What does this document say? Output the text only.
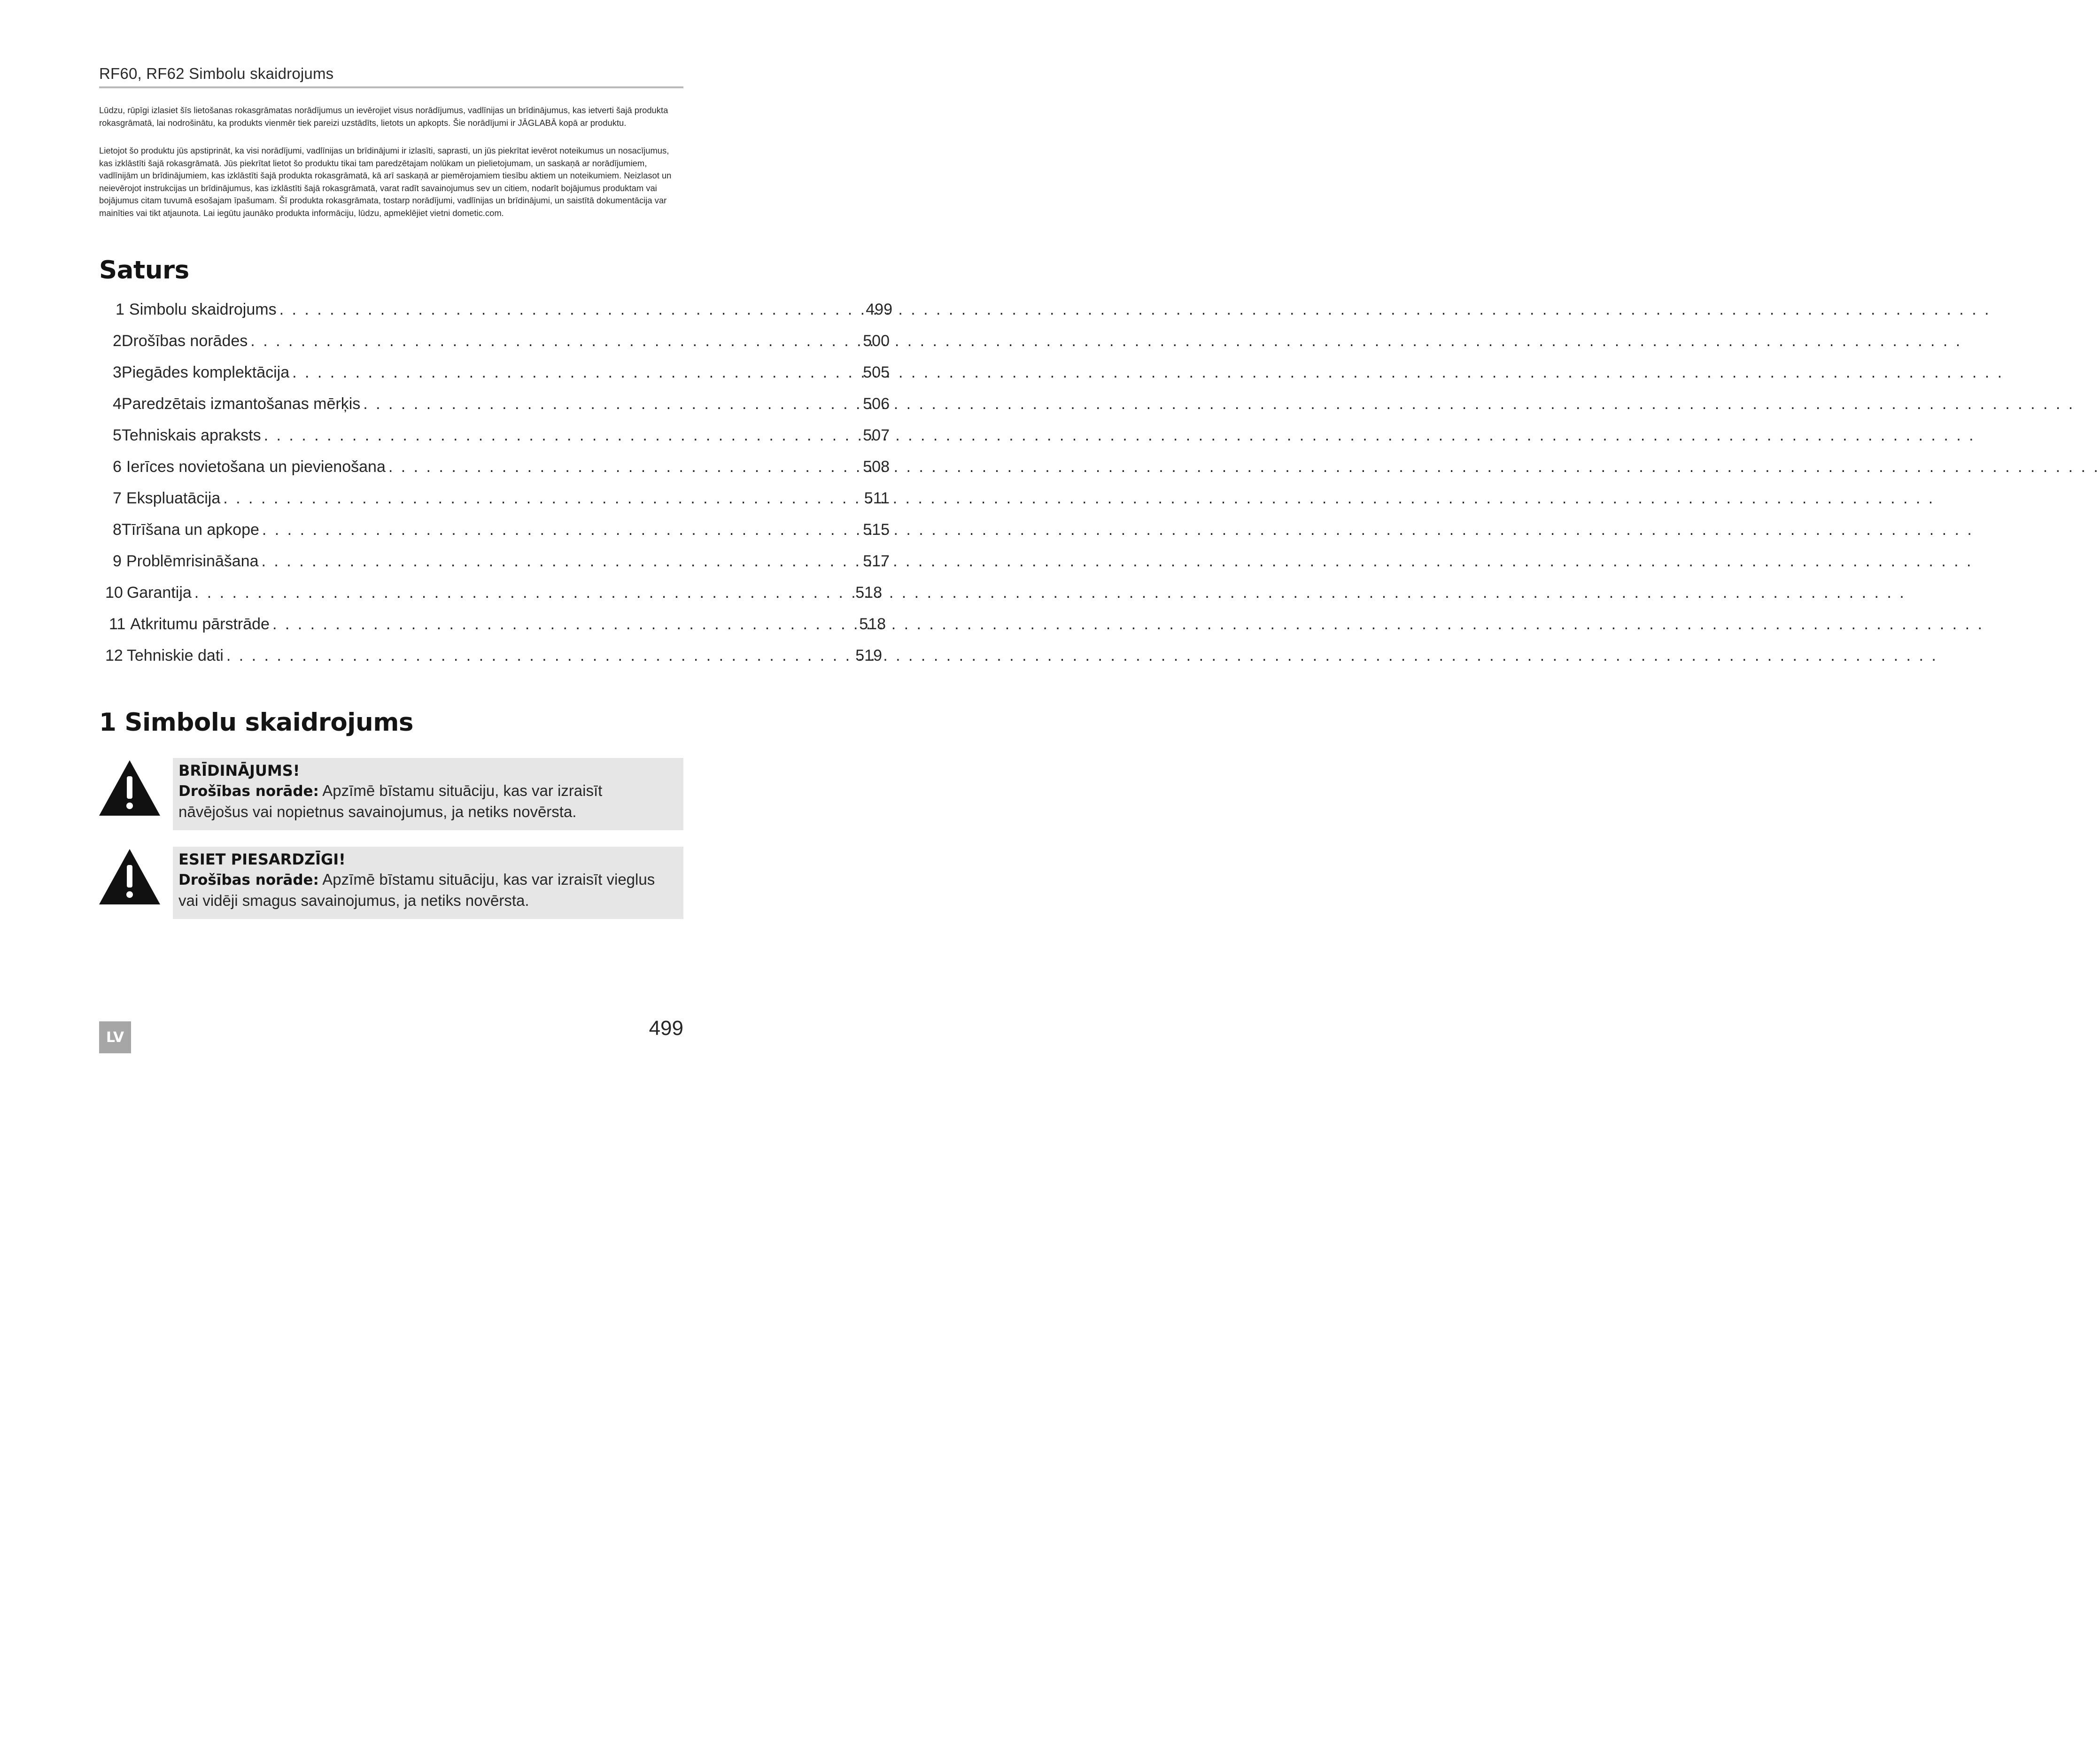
RF60, RF62 Simbolu skaidrojums

Lūdzu, rūpīgi izlasiet šīs lietošanas rokasgrāmatas norādījumus un ievērojiet visus norādījumus, vadlīnijas un brīdinājumus, kas ietverti šajā produkta rokasgrāmatā, lai nodrošinātu, ka produkts vienmēr tiek pareizi uzstādīts, lietots un apkopts. Šie norādījumi ir JĀGLABĀ kopā ar produktu.

Lietojot šo produktu jūs apstiprināt, ka visi norādījumi, vadlīnijas un brīdinājumi ir izlasīti, saprasti, un jūs piekrītat ievērot noteikumus un nosacījumus, kas izklāstīti šajā rokasgrāmatā. Jūs piekrītat lietot šo produktu tikai tam paredzētajam nolūkam un pielietojumam, un saskaņā ar norādījumiem, vadlīnijām un brīdinājumiem, kas izklāstīti šajā produkta rokasgrāmatā, kā arī saskaņā ar piemērojamiem tiesību aktiem un noteikumiem. Neizlasot un neievērojot instrukcijas un brīdinājumus, kas izklāstīti šajā rokasgrāmatā, varat radīt savainojumus sev un citiem, nodarīt bojājumus produktam vai bojājumus citam tuvumā esošajam īpašumam. Šī produkta rokasgrāmata, tostarp norādījumi, vadlīnijas un brīdinājumi, un saistītā dokumentācija var mainīties vai tikt atjaunota. Lai iegūtu jaunāko produkta informāciju, lūdzu, apmeklējiet vietni dometic.com.

Saturs
1 Simbolu skaidrojums . . .	499
2 Drošības norādes . . .	500
3 Piegādes komplektācija . . .	505
4 Paredzētais izmantošanas mērķis . . .	506
5 Tehniskais apraksts . . .	507
6 Ierīces novietošana un pievienošana . . .	508
7 Ekspluatācija . . .	511
8 Tīrīšana un apkope . . .	515
9 Problēmrisināšana . . .	517
10 Garantija . . .	518
11 Atkritumu pārstrāde . . .	518
12 Tehniskie dati . . .	519
1 Simbolu skaidrojums
BRĪDINĀJUMS!
Drošības norāde: Apzīmē bīstamu situāciju, kas var izraisīt nāvējošus vai nopietnus savainojumus, ja netiks novērsta.
ESIET PIESARDZĪGI!
Drošības norāde: Apzīmē bīstamu situāciju, kas var izraisīt vieglus vai vidēji smagus savainojumus, ja netiks novērsta.
LV	499
